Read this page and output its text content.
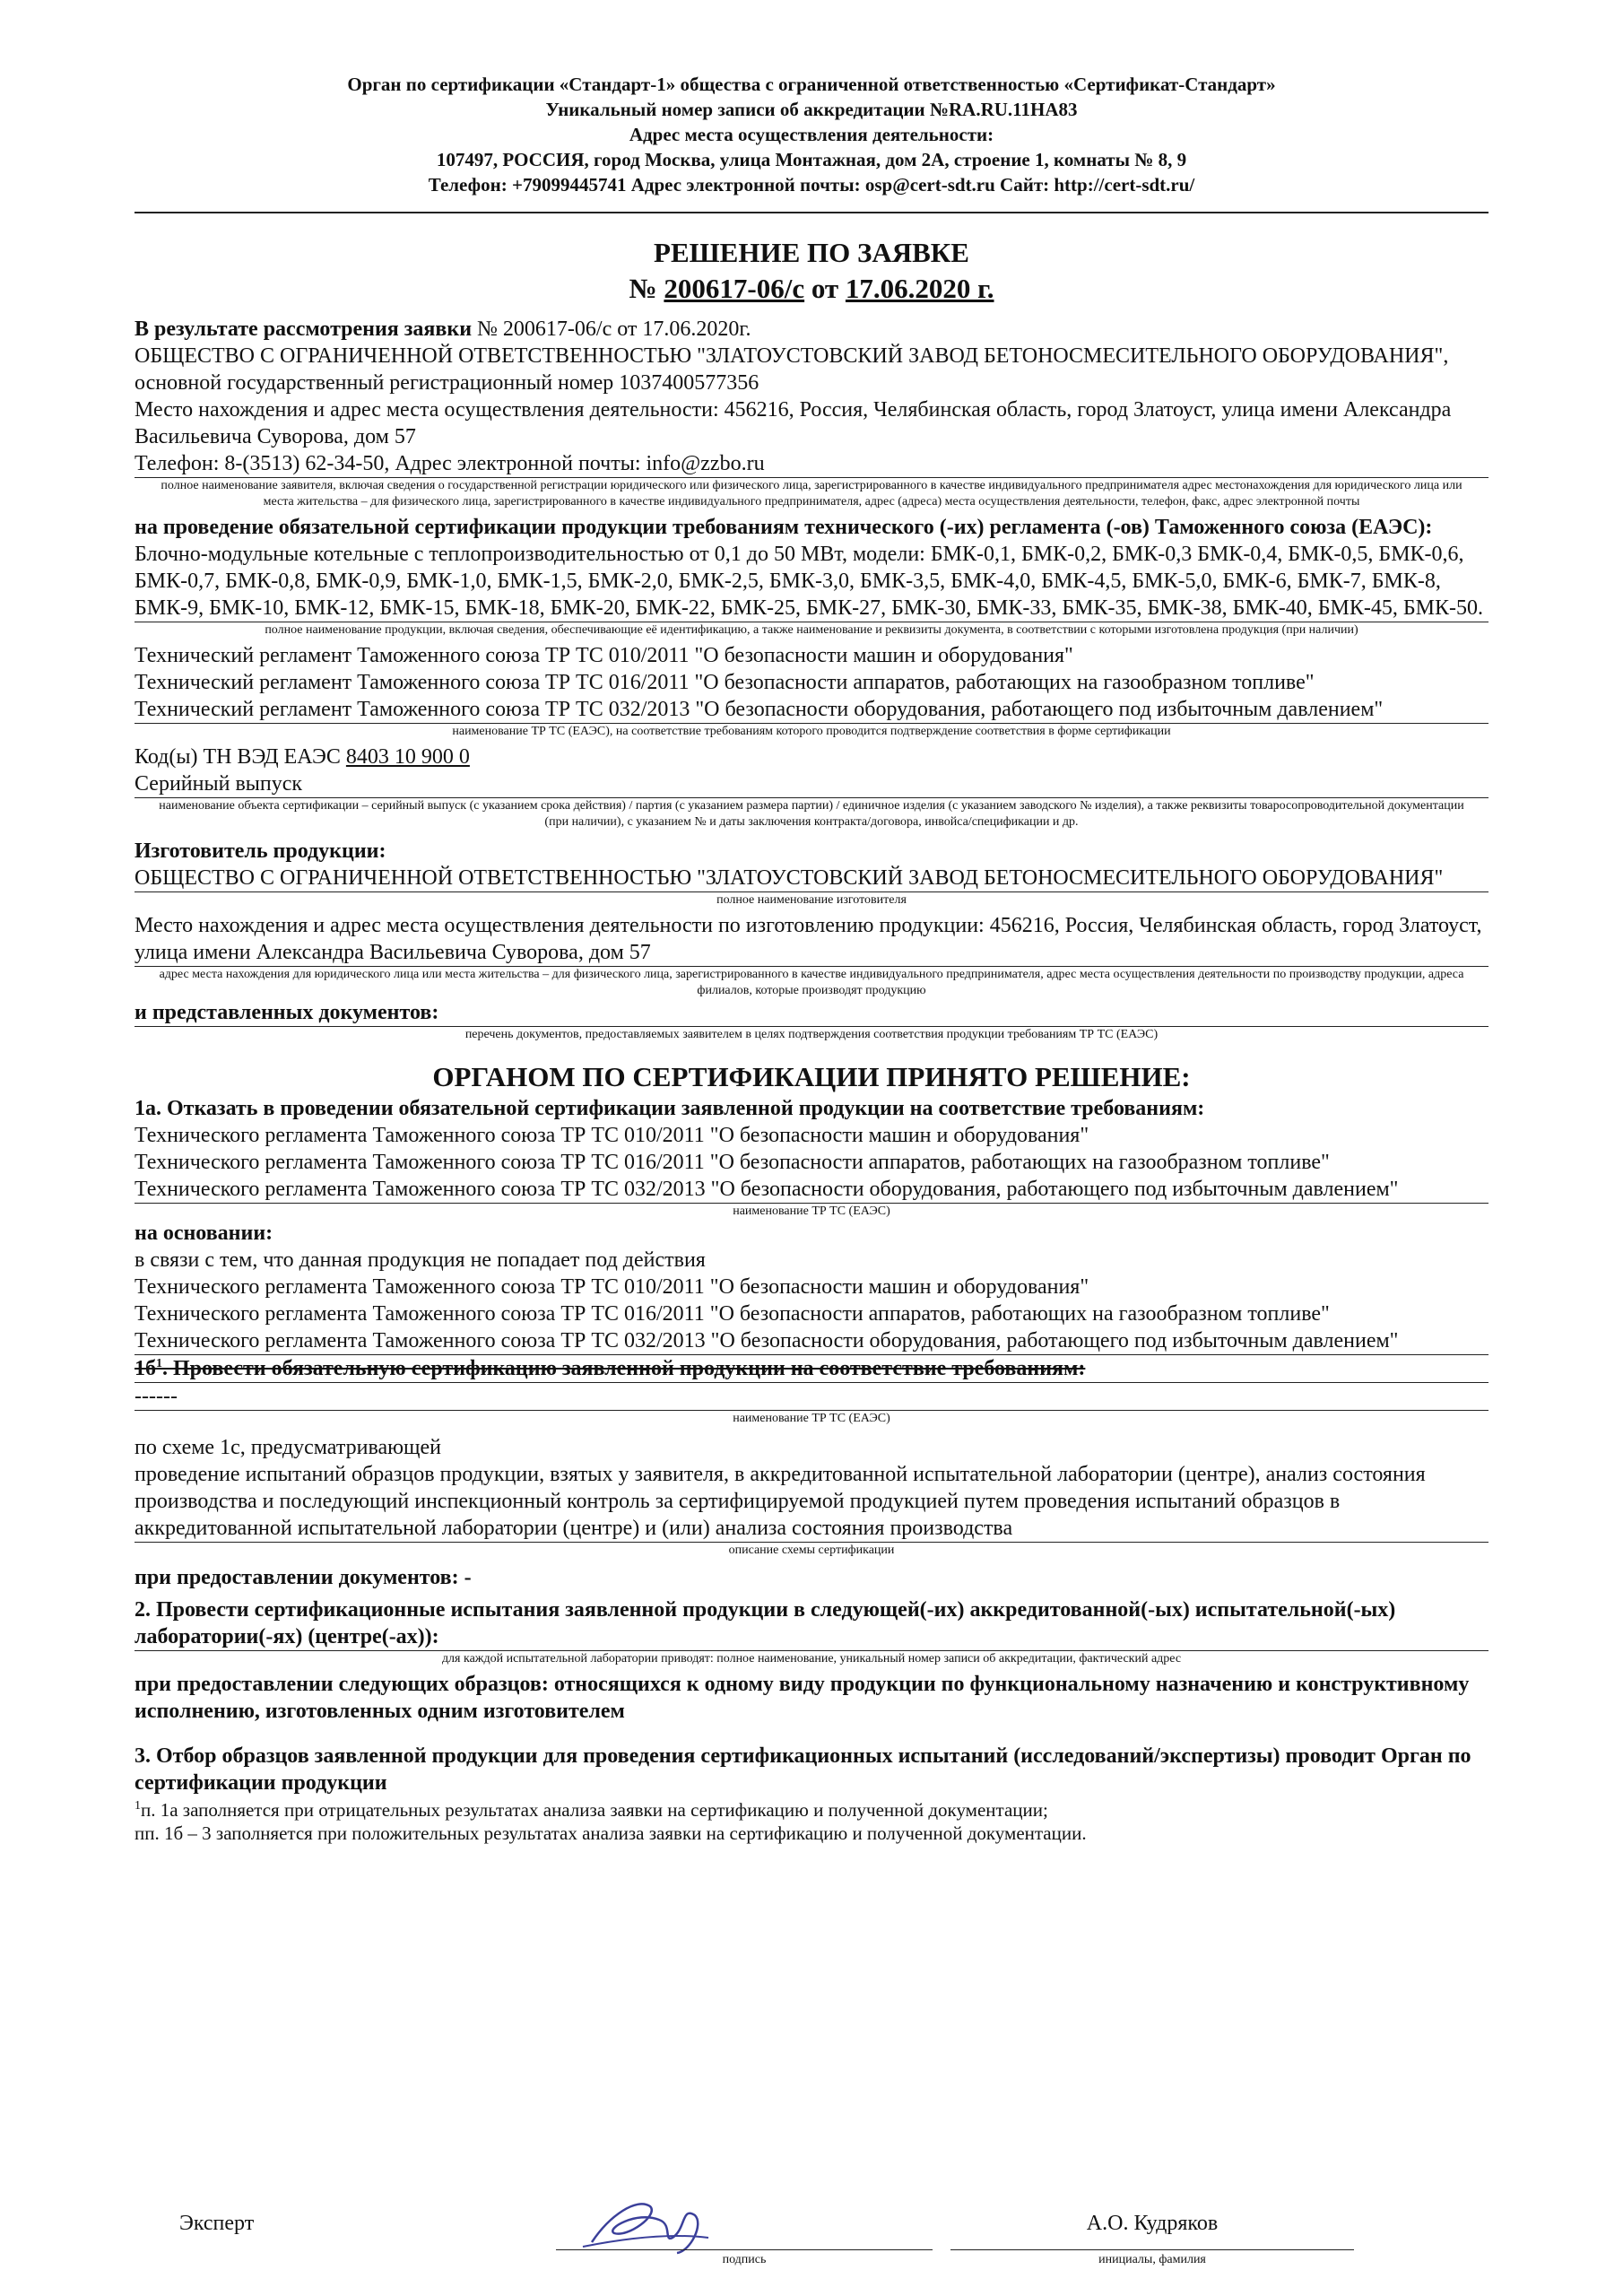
Орган по сертификации «Стандарт-1» общества с ограниченной ответственностью «Сертификат-Стандарт»
Уникальный номер записи об аккредитации №RA.RU.11НА83
Адрес места осуществления деятельности:
107497, РОССИЯ, город Москва, улица Монтажная, дом 2А, строение 1, комнаты № 8, 9
Телефон: +79099445741 Адрес электронной почты: osp@cert-sdt.ru Сайт: http://cert-sdt.ru/
РЕШЕНИЕ ПО ЗАЯВКЕ
№ 200617-06/с от 17.06.2020 г.

В результате рассмотрения заявки № 200617-06/с от 17.06.2020г.

ОБЩЕСТВО С ОГРАНИЧЕННОЙ ОТВЕТСТВЕННОСТЬЮ "ЗЛАТОУСТОВСКИЙ ЗАВОД БЕТОНОСМЕСИТЕЛЬНОГО ОБОРУДОВАНИЯ", основной государственный регистрационный номер 1037400577356

Место нахождения и адрес места осуществления деятельности: 456216, Россия, Челябинская область, город Златоуст, улица имени Александра Васильевича Суворова, дом 57

Телефон: 8-(3513) 62-34-50, Адрес электронной почты: info@zzbo.ru

полное наименование заявителя, включая сведения о государственной регистрации юридического или физического лица, зарегистрированного в качестве индивидуального предпринимателя адрес местонахождения для юридического лица или места жительства – для физического лица, зарегистрированного в качестве индивидуального предпринимателя, адрес (адреса) места осуществления деятельности, телефон, факс, адрес электронной почты

на проведение обязательной сертификации продукции требованиям технического (-их) регламента (-ов) Таможенного союза (ЕАЭС):

Блочно-модульные котельные с теплопроизводительностью от 0,1 до 50 МВт, модели: БМК-0,1, БМК-0,2, БМК-0,3 БМК-0,4, БМК-0,5, БМК-0,6, БМК-0,7, БМК-0,8, БМК-0,9, БМК-1,0, БМК-1,5, БМК-2,0, БМК-2,5, БМК-3,0, БМК-3,5, БМК-4,0, БМК-4,5, БМК-5,0, БМК-6, БМК-7, БМК-8, БМК-9, БМК-10, БМК-12, БМК-15, БМК-18, БМК-20, БМК-22, БМК-25, БМК-27, БМК-30, БМК-33, БМК-35, БМК-38, БМК-40, БМК-45, БМК-50.

полное наименование продукции, включая сведения, обеспечивающие её идентификацию, а также наименование и реквизиты документа, в соответствии с которыми изготовлена продукция (при наличии)

Технический регламент Таможенного союза ТР ТС 010/2011 "О безопасности машин и оборудования"

Технический регламент Таможенного союза ТР ТС 016/2011 "О безопасности аппаратов, работающих на газообразном топливе"

Технический регламент Таможенного союза ТР ТС 032/2013 "О безопасности оборудования, работающего под избыточным давлением"

наименование ТР ТС (ЕАЭС), на соответствие требованиям которого проводится подтверждение соответствия в форме сертификации

Код(ы) ТН ВЭД ЕАЭС 8403 10 900 0

Серийный выпуск

наименование объекта сертификации – серийный выпуск (с указанием срока действия) / партия (с указанием размера партии) / единичное изделия (с указанием заводского № изделия), а также реквизиты товаросопроводительной документации (при наличии), с указанием № и даты заключения контракта/договора, инвойса/спецификации и др.

Изготовитель продукции:

ОБЩЕСТВО С ОГРАНИЧЕННОЙ ОТВЕТСТВЕННОСТЬЮ "ЗЛАТОУСТОВСКИЙ ЗАВОД БЕТОНОСМЕСИТЕЛЬНОГО ОБОРУДОВАНИЯ"

полное наименование изготовителя

Место нахождения и адрес места осуществления деятельности по изготовлению продукции: 456216, Россия, Челябинская область, город Златоуст, улица имени Александра Васильевича Суворова, дом 57

адрес места нахождения для юридического лица или места жительства – для физического лица, зарегистрированного в качестве индивидуального предпринимателя, адрес места осуществления деятельности по производству продукции, адреса филиалов, которые производят продукцию

и представленных документов:

перечень документов, предоставляемых заявителем в целях подтверждения соответствия продукции требованиям ТР ТС (ЕАЭС)
ОРГАНОМ ПО СЕРТИФИКАЦИИ ПРИНЯТО РЕШЕНИЕ:

1а. Отказать в проведении обязательной сертификации заявленной продукции на соответствие требованиям:

Технического регламента Таможенного союза ТР ТС 010/2011 "О безопасности машин и оборудования"

Технического регламента Таможенного союза ТР ТС 016/2011 "О безопасности аппаратов, работающих на газообразном топливе"

Технического регламента Таможенного союза ТР ТС 032/2013 "О безопасности оборудования, работающего под избыточным давлением"

наименование ТР ТС (ЕАЭС)

на основании:

в связи с тем, что данная продукция не попадает под действия

Технического регламента Таможенного союза ТР ТС 010/2011 "О безопасности машин и оборудования"

Технического регламента Таможенного союза ТР ТС 016/2011 "О безопасности аппаратов, работающих на газообразном топливе"

Технического регламента Таможенного союза ТР ТС 032/2013 "О безопасности оборудования, работающего под избыточным давлением"

$1б^1$. Провести обязательную сертификацию заявленной продукции на соответствие требованиям:

------

наименование ТР ТС (ЕАЭС)

по схеме 1с, предусматривающей

проведение испытаний образцов продукции, взятых у заявителя, в аккредитованной испытательной лаборатории (центре), анализ состояния производства и последующий инспекционный контроль за сертифицируемой продукцией путем проведения испытаний образцов в аккредитованной испытательной лаборатории (центре) и (или) анализа состояния производства

описание схемы сертификации

при предоставлении документов: -

2. Провести сертификационные испытания заявленной продукции в следующей(-их) аккредитованной(-ых) испытательной(-ых) лаборатории(-ях) (центре(-ах)):

для каждой испытательной лаборатории приводят: полное наименование, уникальный номер записи об аккредитации, фактический адрес

при предоставлении следующих образцов: относящихся к одному виду продукции по функциональному назначению и конструктивному исполнению, изготовленных одним изготовителем

3. Отбор образцов заявленной продукции для проведения сертификационных испытаний (исследований/экспертизы) проводит Орган по сертификации продукции

$^1$п. 1а заполняется при отрицательных результатах анализа заявки на сертификацию и полученной документации;

пп. 1б – 3 заполняется при положительных результатах анализа заявки на сертификацию и полученной документации.

Эксперт
подпись
А.О. Кудряков
инициалы, фамилия
